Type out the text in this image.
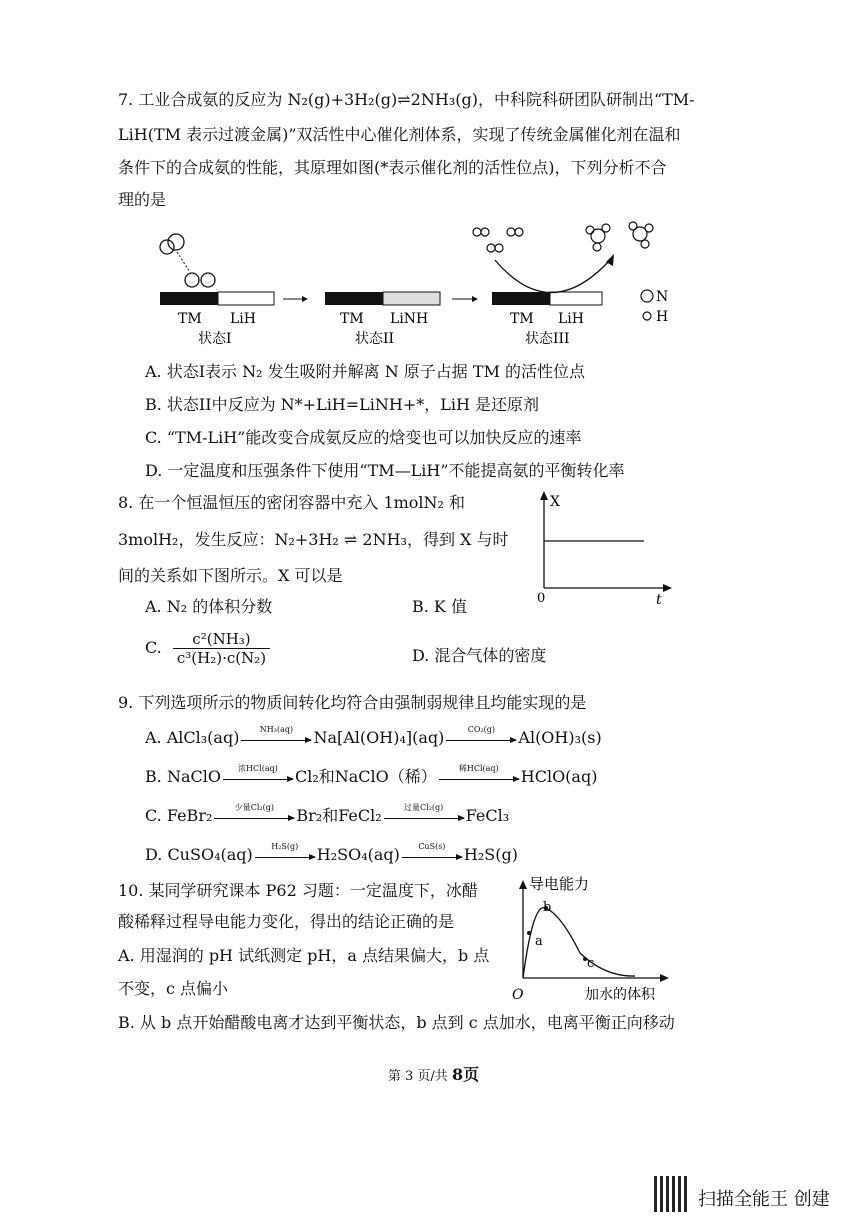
7. 工业合成氨的反应为 N₂(g)+3H₂(g)⇌2NH₃(g)，中科院科研团队研制出“TM-
LiH(TM 表示过渡金属)”双活性中心催化剂体系，实现了传统金属催化剂在温和
条件下的合成氨的性能，其原理如图(*表示催化剂的活性位点)，下列分析不合
理的是
TM LiH
状态I
TM LiNH
状态II
TM LiH
状态III
N
H
A. 状态I表示 N₂ 发生吸附并解离 N 原子占据 TM 的活性位点
B. 状态II中反应为 N*+LiH=LiNH+*，LiH 是还原剂
C. “TM-LiH”能改变合成氨反应的焓变也可以加快反应的速率
D. 一定温度和压强条件下使用“TM—LiH”不能提高氨的平衡转化率
8. 在一个恒温恒压的密闭容器中充入 1molN₂ 和
3molH₂，发生反应：N₂+3H₂ ⇌ 2NH₃，得到 X 与时
间的关系如下图所示。X 可以是
X
t
0
A. N₂ 的体积分数	B. K 值
C. $\frac{\text{c²(NH₃)}}{\text{c³(H₂)·c(N₂)}}$	D. 混合气体的密度
9. 下列选项所示的物质间转化均符合由强制弱规律且均能实现的是
A. AlCl₃(aq)	NH₃(aq)	Na[Al(OH)₄](aq)	CO₂(g)	Al(OH)₃(s)
B. NaClO	浓HCl(aq)	Cl₂和NaClO（稀）	稀HCl(aq)	HClO(aq)
C. FeBr₂	少量Cl₂(g)	Br₂和FeCl₂	过量Cl₂(g)	FeCl₃
D. CuSO₄(aq)	H₂S(g)	H₂SO₄(aq)	CuS(s)	H₂S(g)
10. 某同学研究课本 P62 习题：一定温度下，冰醋
酸稀释过程导电能力变化，得出的结论正确的是
A. 用湿润的 pH 试纸测定 pH，a 点结果偏大，b 点
不变，c 点偏小
B. 从 b 点开始醋酸电离才达到平衡状态，b 点到 c 点加水，电离平衡正向移动
导电能力
加水的体积
O
a
b
c
第 3 页/共 8页
扫描全能王 创建
